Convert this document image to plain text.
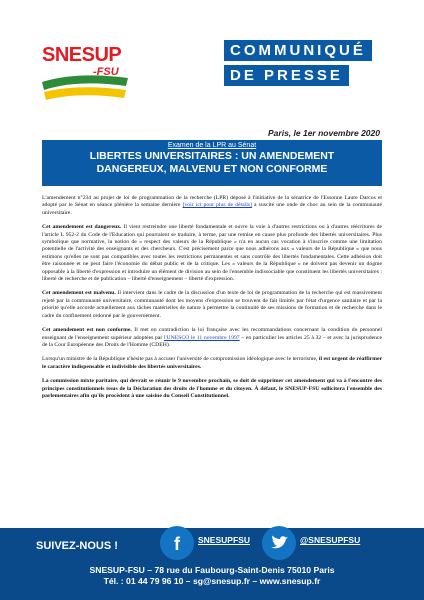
SNESUP
-FSU
COMMUNIQUÉ
DE PRESSE
Paris, le 1er novembre 2020
Examen de la LPR au Sénat
LIBERTES UNIVERSITAIRES : UN AMENDEMENT
DANGEREUX, MALVENU ET NON CONFORME

L'amendement n°234 au projet de loi de programmation de la recherche (LPR) déposé à l'initiative de la sénatrice de l'Essonne Laure Darcos et adopté par le Sénat en séance plénière la semaine dernière [voir ici pour plus de détails] a suscité une onde de choc au sein de la communauté universitaire.

Cet amendement est dangereux. Il vient restreindre une liberté fondamentale et ouvre la voie à d'autres restrictions ou à d'autres réécritures de l'article L 952-2 du Code de l'Education qui pourraient se traduire, à terme, par une remise en cause plus profonde des libertés universitaires. Plus symbolique que normative, la notion de « respect des valeurs de la République » n'a en aucun cas vocation à s'inscrire comme une limitation potentielle de l'activité des enseignants et des chercheurs. C'est précisément parce que nous adhérons aux « valeurs de la République » que nous estimons qu'elles ne sont pas compatibles avec toutes les restrictions permanentes et sans contrôle des libertés fondamentales. Cette adhésion doit être raisonnée et ne peut faire l'économie du débat public et de la critique. Les « valeurs de la République » ne doivent pas devenir un dogme opposable à la liberté d'expression et introduire un élément de division au sein de l'ensemble indissociable que constituent les libertés universitaires : liberté de recherche et de publication – liberté d'enseignement – liberté d'expression.

Cet amendement est malvenu. Il intervient dans le cadre de la discussion d'un texte de loi de programmation de la recherche qui est massivement rejeté par la communauté universitaire, communauté dont les moyens d'expression se trouvent de fait limités par l'état d'urgence sanitaire et par la priorité qu'elle accorde actuellement aux tâches matérielles de nature à permettre la continuité de ses missions de formation et de recherche dans le cadre du confinement ordonné par le gouvernement.

Cet amendement est non conforme. Il met en contradiction la loi française avec les recommandations concernant la condition du personnel enseignant de l'enseignement supérieur adoptées par l'UNESCO le 11 novembre 1997 – en particulier les articles 25 à 32 – et avec la jurisprudence de la Cour Européenne des Droits de l'Homme (CDEH).

Lorsqu'un ministre de la République n'hésite pas à accuser l'université de compromission idéologique avec le terrorisme, il est urgent de réaffirmer le caractère indispensable et indivisible des libertés universitaires.

La commission mixte paritaire, qui devrait se réunir le 9 novembre prochain, se doit de supprimer cet amendement qui va à l'encontre des principes constitutionnels issus de la Déclaration des droits de l'homme et du citoyen. À défaut, le SNESUP-FSU sollicitera l'ensemble des parlementaires afin qu'ils procèdent à une saisine du Conseil Constitutionnel.

SUIVEZ-NOUS !	f	SNESUPFSU	@SNESUPFSU
SNESUP-FSU – 78 rue du Faubourg-Saint-Denis 75010 Paris
Tél. : 01 44 79 96 10 – sg@snesup.fr – www.snesup.fr
